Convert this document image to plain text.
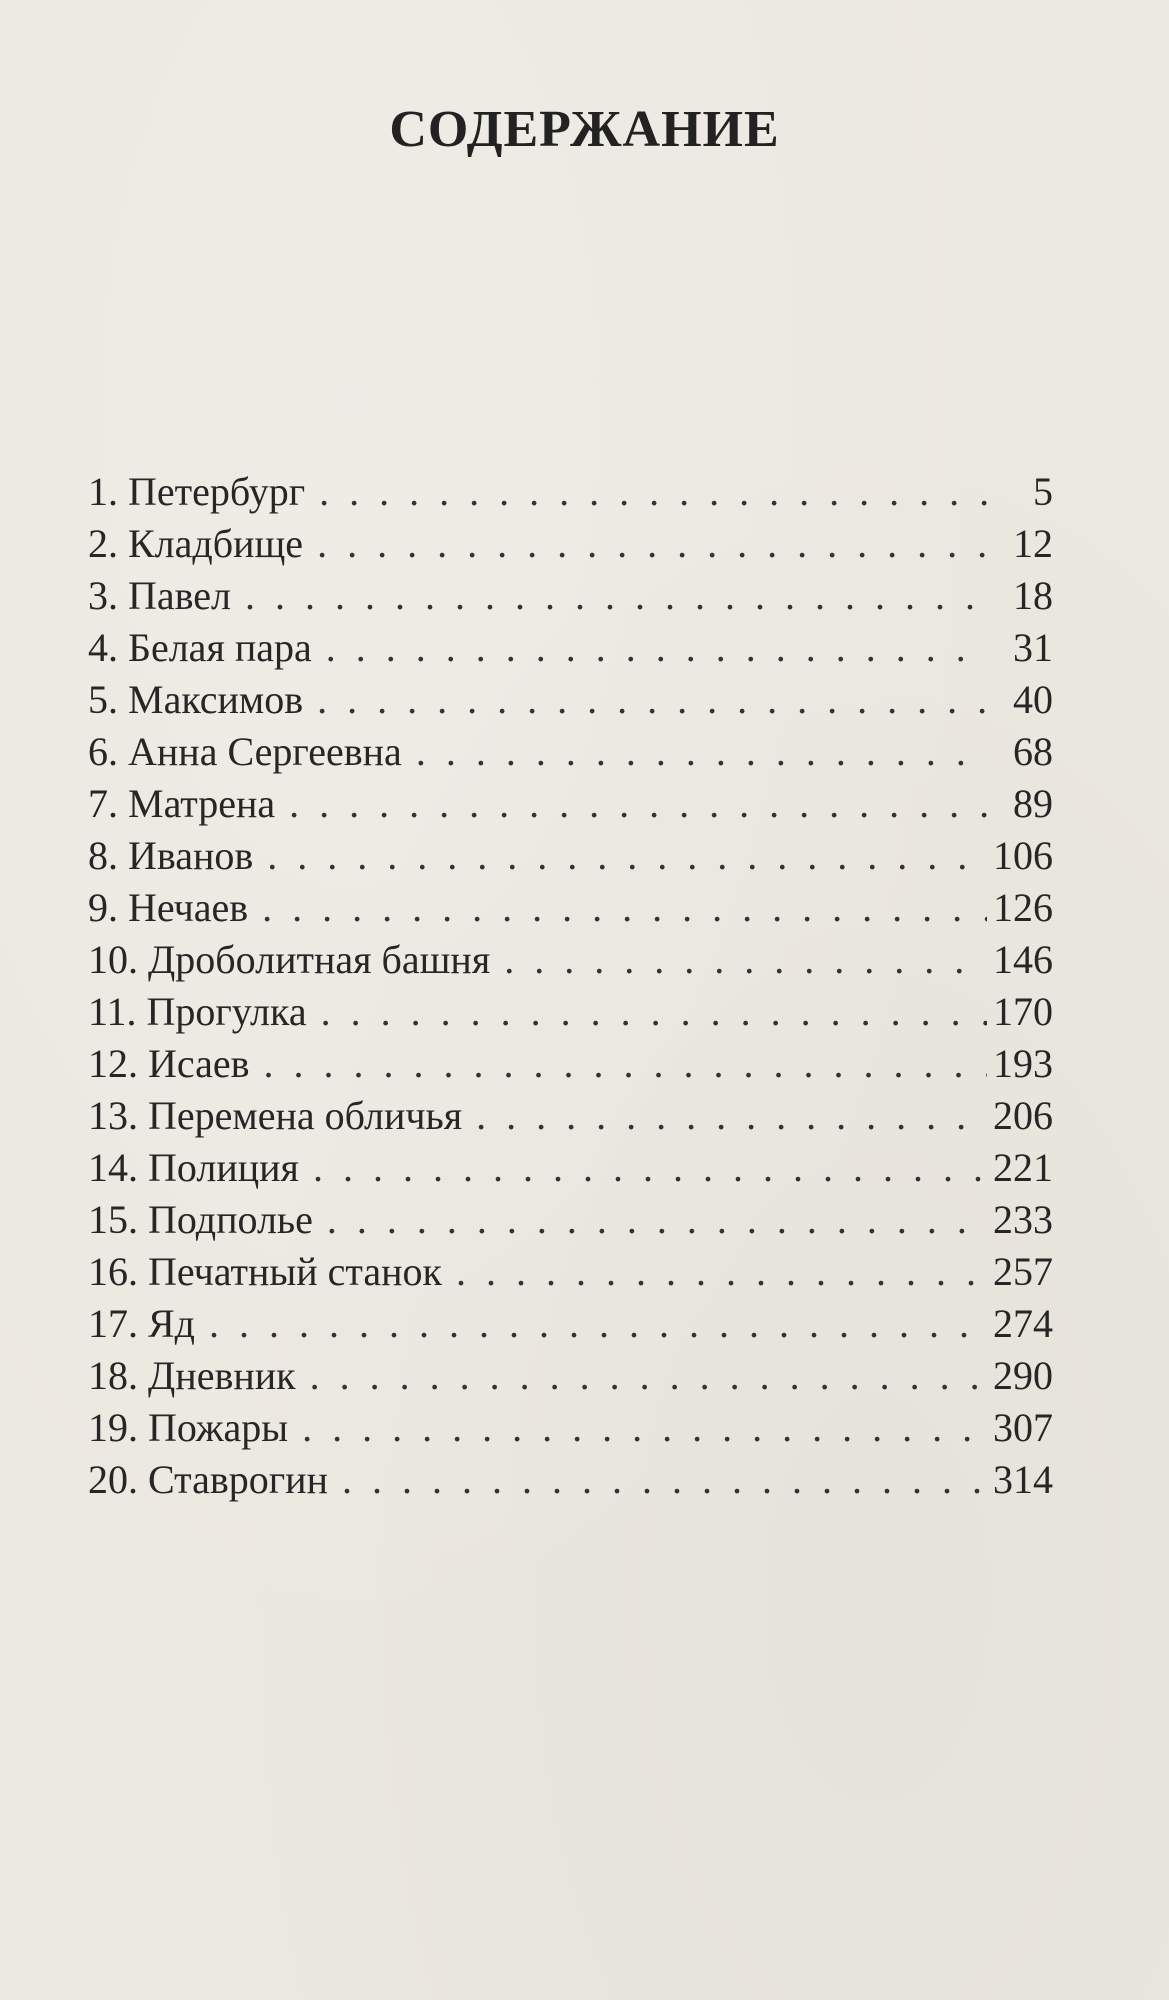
СОДЕРЖАНИЕ
1. Петербург . .	5
2. Кладбище . .	12
3. Павел . .	18
4. Белая пара . .	31
5. Максимов . .	40
6. Анна Сергеевна . .	68
7. Матрена . .	89
8. Иванов . .	106
9. Нечаев . .	126
10. Дроболитная башня . .	146
11. Прогулка . .	170
12. Исаев . .	193
13. Перемена обличья . .	206
14. Полиция . .	221
15. Подполье . .	233
16. Печатный станок . .	257
17. Яд . .	274
18. Дневник . .	290
19. Пожары . .	307
20. Ставрогин . .	314
